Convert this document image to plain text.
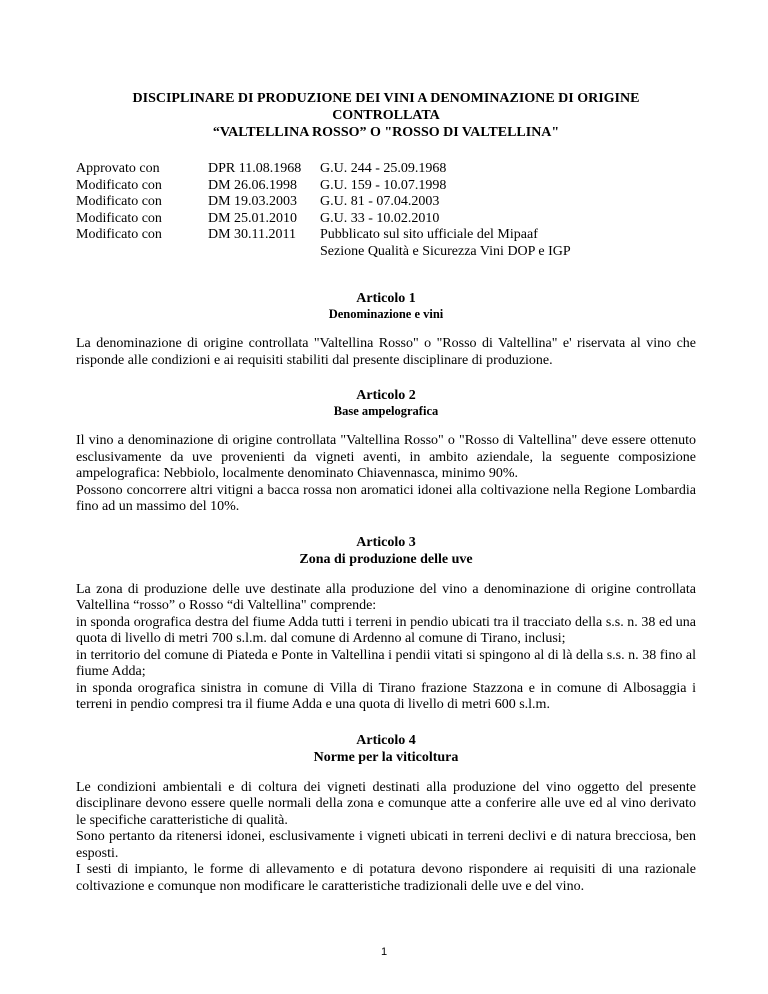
DISCIPLINARE DI PRODUZIONE DEI VINI A DENOMINAZIONE DI ORIGINE
CONTROLLATA
“VALTELLINA ROSSO” O "ROSSO DI VALTELLINA"
Approvato con
Modificato con
Modificato con
Modificato con
Modificato con
DPR 11.08.1968
DM 26.06.1998
DM 19.03.2003
DM 25.01.2010
DM 30.11.2011
G.U. 244 - 25.09.1968
G.U. 159 - 10.07.1998
G.U. 81 - 07.04.2003
G.U. 33 - 10.02.2010
Pubblicato sul sito ufficiale del Mipaaf
Sezione Qualità e Sicurezza Vini DOP e IGP
Articolo 1
Denominazione e vini

La denominazione di origine controllata "Valtellina Rosso" o "Rosso di Valtellina" e' riservata al vino che risponde alle condizioni e ai requisiti stabiliti dal presente disciplinare di produzione.

Articolo 2
Base ampelografica

Il vino a denominazione di origine controllata "Valtellina Rosso" o "Rosso di Valtellina" deve essere ottenuto esclusivamente da uve provenienti da vigneti aventi, in ambito aziendale, la seguente composizione ampelografica: Nebbiolo, localmente denominato Chiavennasca, minimo 90%.

Possono concorrere altri vitigni a bacca rossa non aromatici idonei alla coltivazione nella Regione Lombardia fino ad un massimo del 10%.

Articolo 3
Zona di produzione delle uve

La zona di produzione delle uve destinate alla produzione del vino a denominazione di origine controllata Valtellina “rosso” o Rosso “di Valtellina" comprende:

in sponda orografica destra del fiume Adda tutti i terreni in pendio ubicati tra il tracciato della s.s. n. 38 ed una quota di livello di metri 700 s.l.m. dal comune di Ardenno al comune di Tirano, inclusi;

in territorio del comune di Piateda e Ponte in Valtellina i pendii vitati si spingono al di là della s.s. n. 38 fino al fiume Adda;

in sponda orografica sinistra in comune di Villa di Tirano frazione Stazzona e in comune di Albosaggia i terreni in pendio compresi tra il fiume Adda e una quota di livello di metri 600 s.l.m.

Articolo 4
Norme per la viticoltura

Le condizioni ambientali e di coltura dei vigneti destinati alla produzione del vino oggetto del presente disciplinare devono essere quelle normali della zona e comunque atte a conferire alle uve ed al vino derivato le specifiche caratteristiche di qualità.

Sono pertanto da ritenersi idonei, esclusivamente i vigneti ubicati in terreni declivi e di natura brecciosa, ben esposti.

I sesti di impianto, le forme di allevamento e di potatura devono rispondere ai requisiti di una razionale coltivazione e comunque non modificare le caratteristiche tradizionali delle uve e del vino.

1
